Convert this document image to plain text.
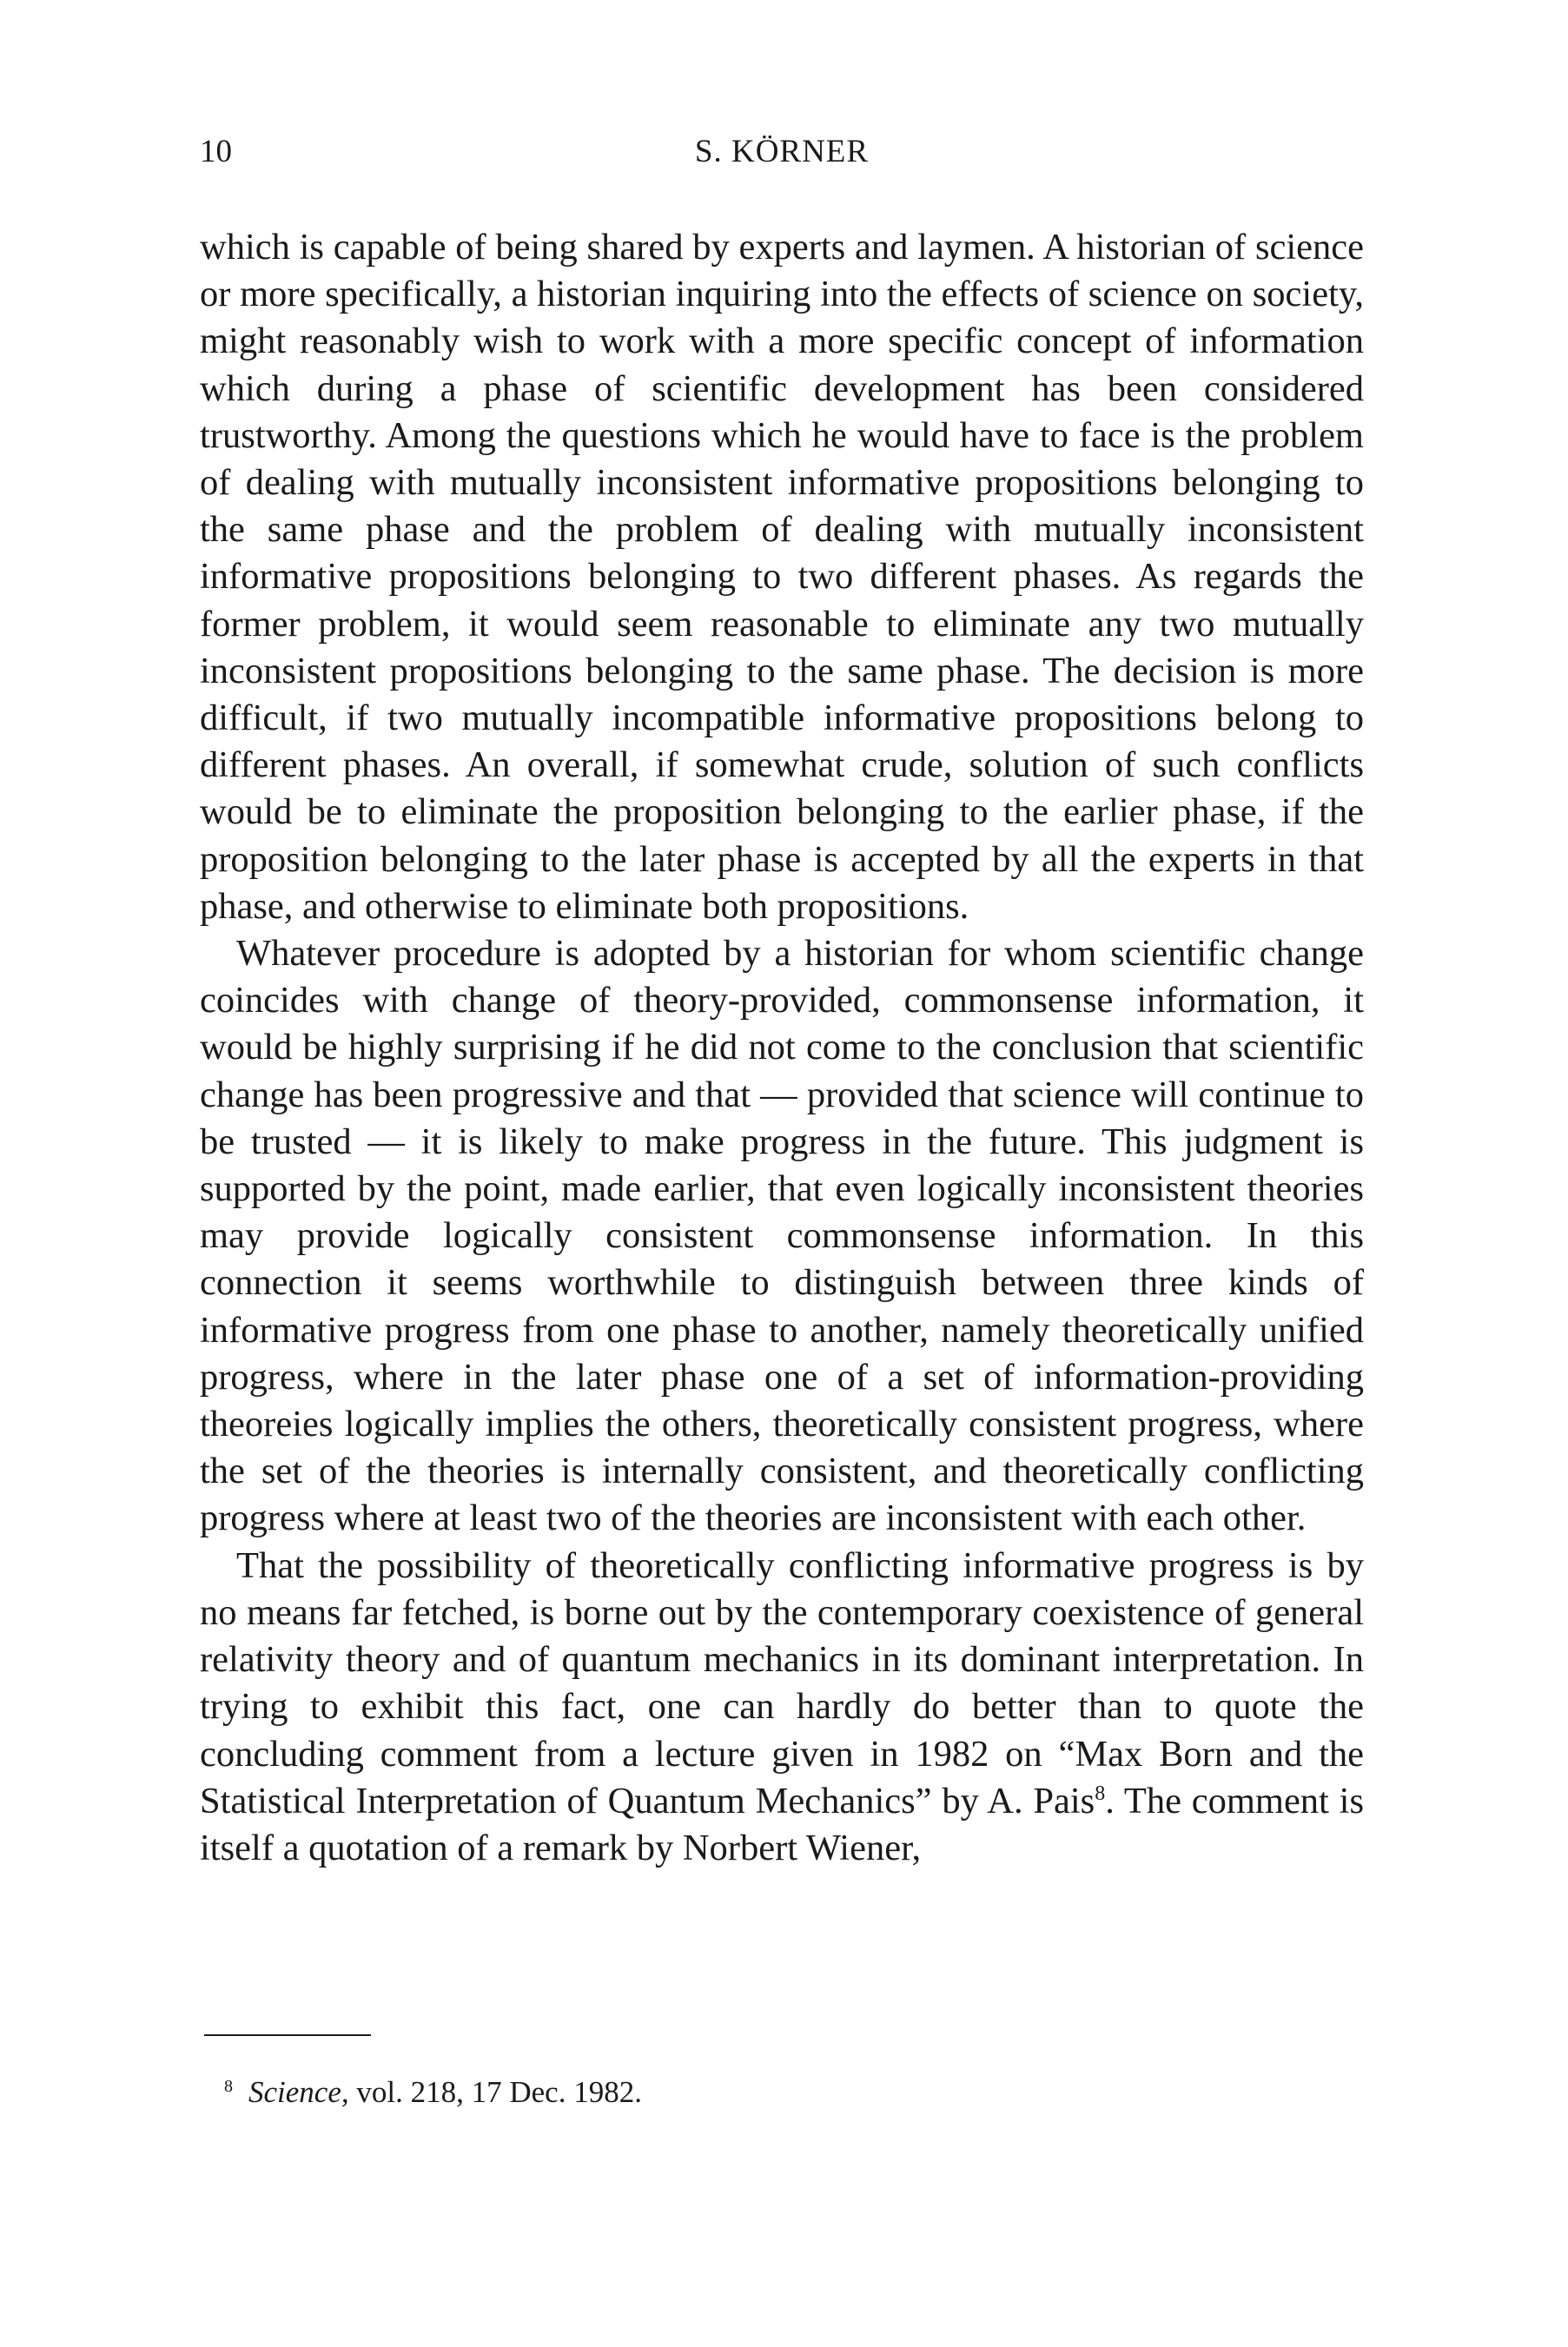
10	S. KÖRNER

which is capable of being shared by experts and laymen. A historian of science or more specifically, a historian inquiring into the effects of science on society, might reasonably wish to work with a more specific concept of information which during a phase of scientific development has been considered trustworthy. Among the questions which he would have to face is the problem of dealing with mutually inconsistent informative propositions belonging to the same phase and the problem of dealing with mutually inconsistent informative propositions belonging to two different phases. As regards the former problem, it would seem reasonable to eliminate any two mutually inconsistent propositions belonging to the same phase. The decision is more difficult, if two mutually incompatible informative propositions belong to different phases. An overall, if somewhat crude, solution of such conflicts would be to eliminate the proposition belonging to the earlier phase, if the proposition belonging to the later phase is accepted by all the experts in that phase, and otherwise to eliminate both propositions.

Whatever procedure is adopted by a historian for whom scientific change coincides with change of theory-provided, commonsense information, it would be highly surprising if he did not come to the conclusion that scientific change has been progressive and that — provided that science will continue to be trusted — it is likely to make progress in the future. This judgment is supported by the point, made earlier, that even logically inconsistent theories may provide logically consistent commonsense information. In this connection it seems worthwhile to distinguish between three kinds of informative progress from one phase to another, namely theoretically unified progress, where in the later phase one of a set of information-providing theoreies logically implies the others, theoretically consistent progress, where the set of the theories is internally consistent, and theoretically conflicting progress where at least two of the theories are inconsistent with each other.

That the possibility of theoretically conflicting informative progress is by no means far fetched, is borne out by the contemporary coexistence of general relativity theory and of quantum mechanics in its dominant interpretation. In trying to exhibit this fact, one can hardly do better than to quote the concluding comment from a lecture given in 1982 on “Max Born and the Statistical Interpretation of Quantum Mechanics” by A. Pais$^8$. The comment is itself a quotation of a remark by Norbert Wiener,

$^8$ Science, vol. 218, 17 Dec. 1982.
